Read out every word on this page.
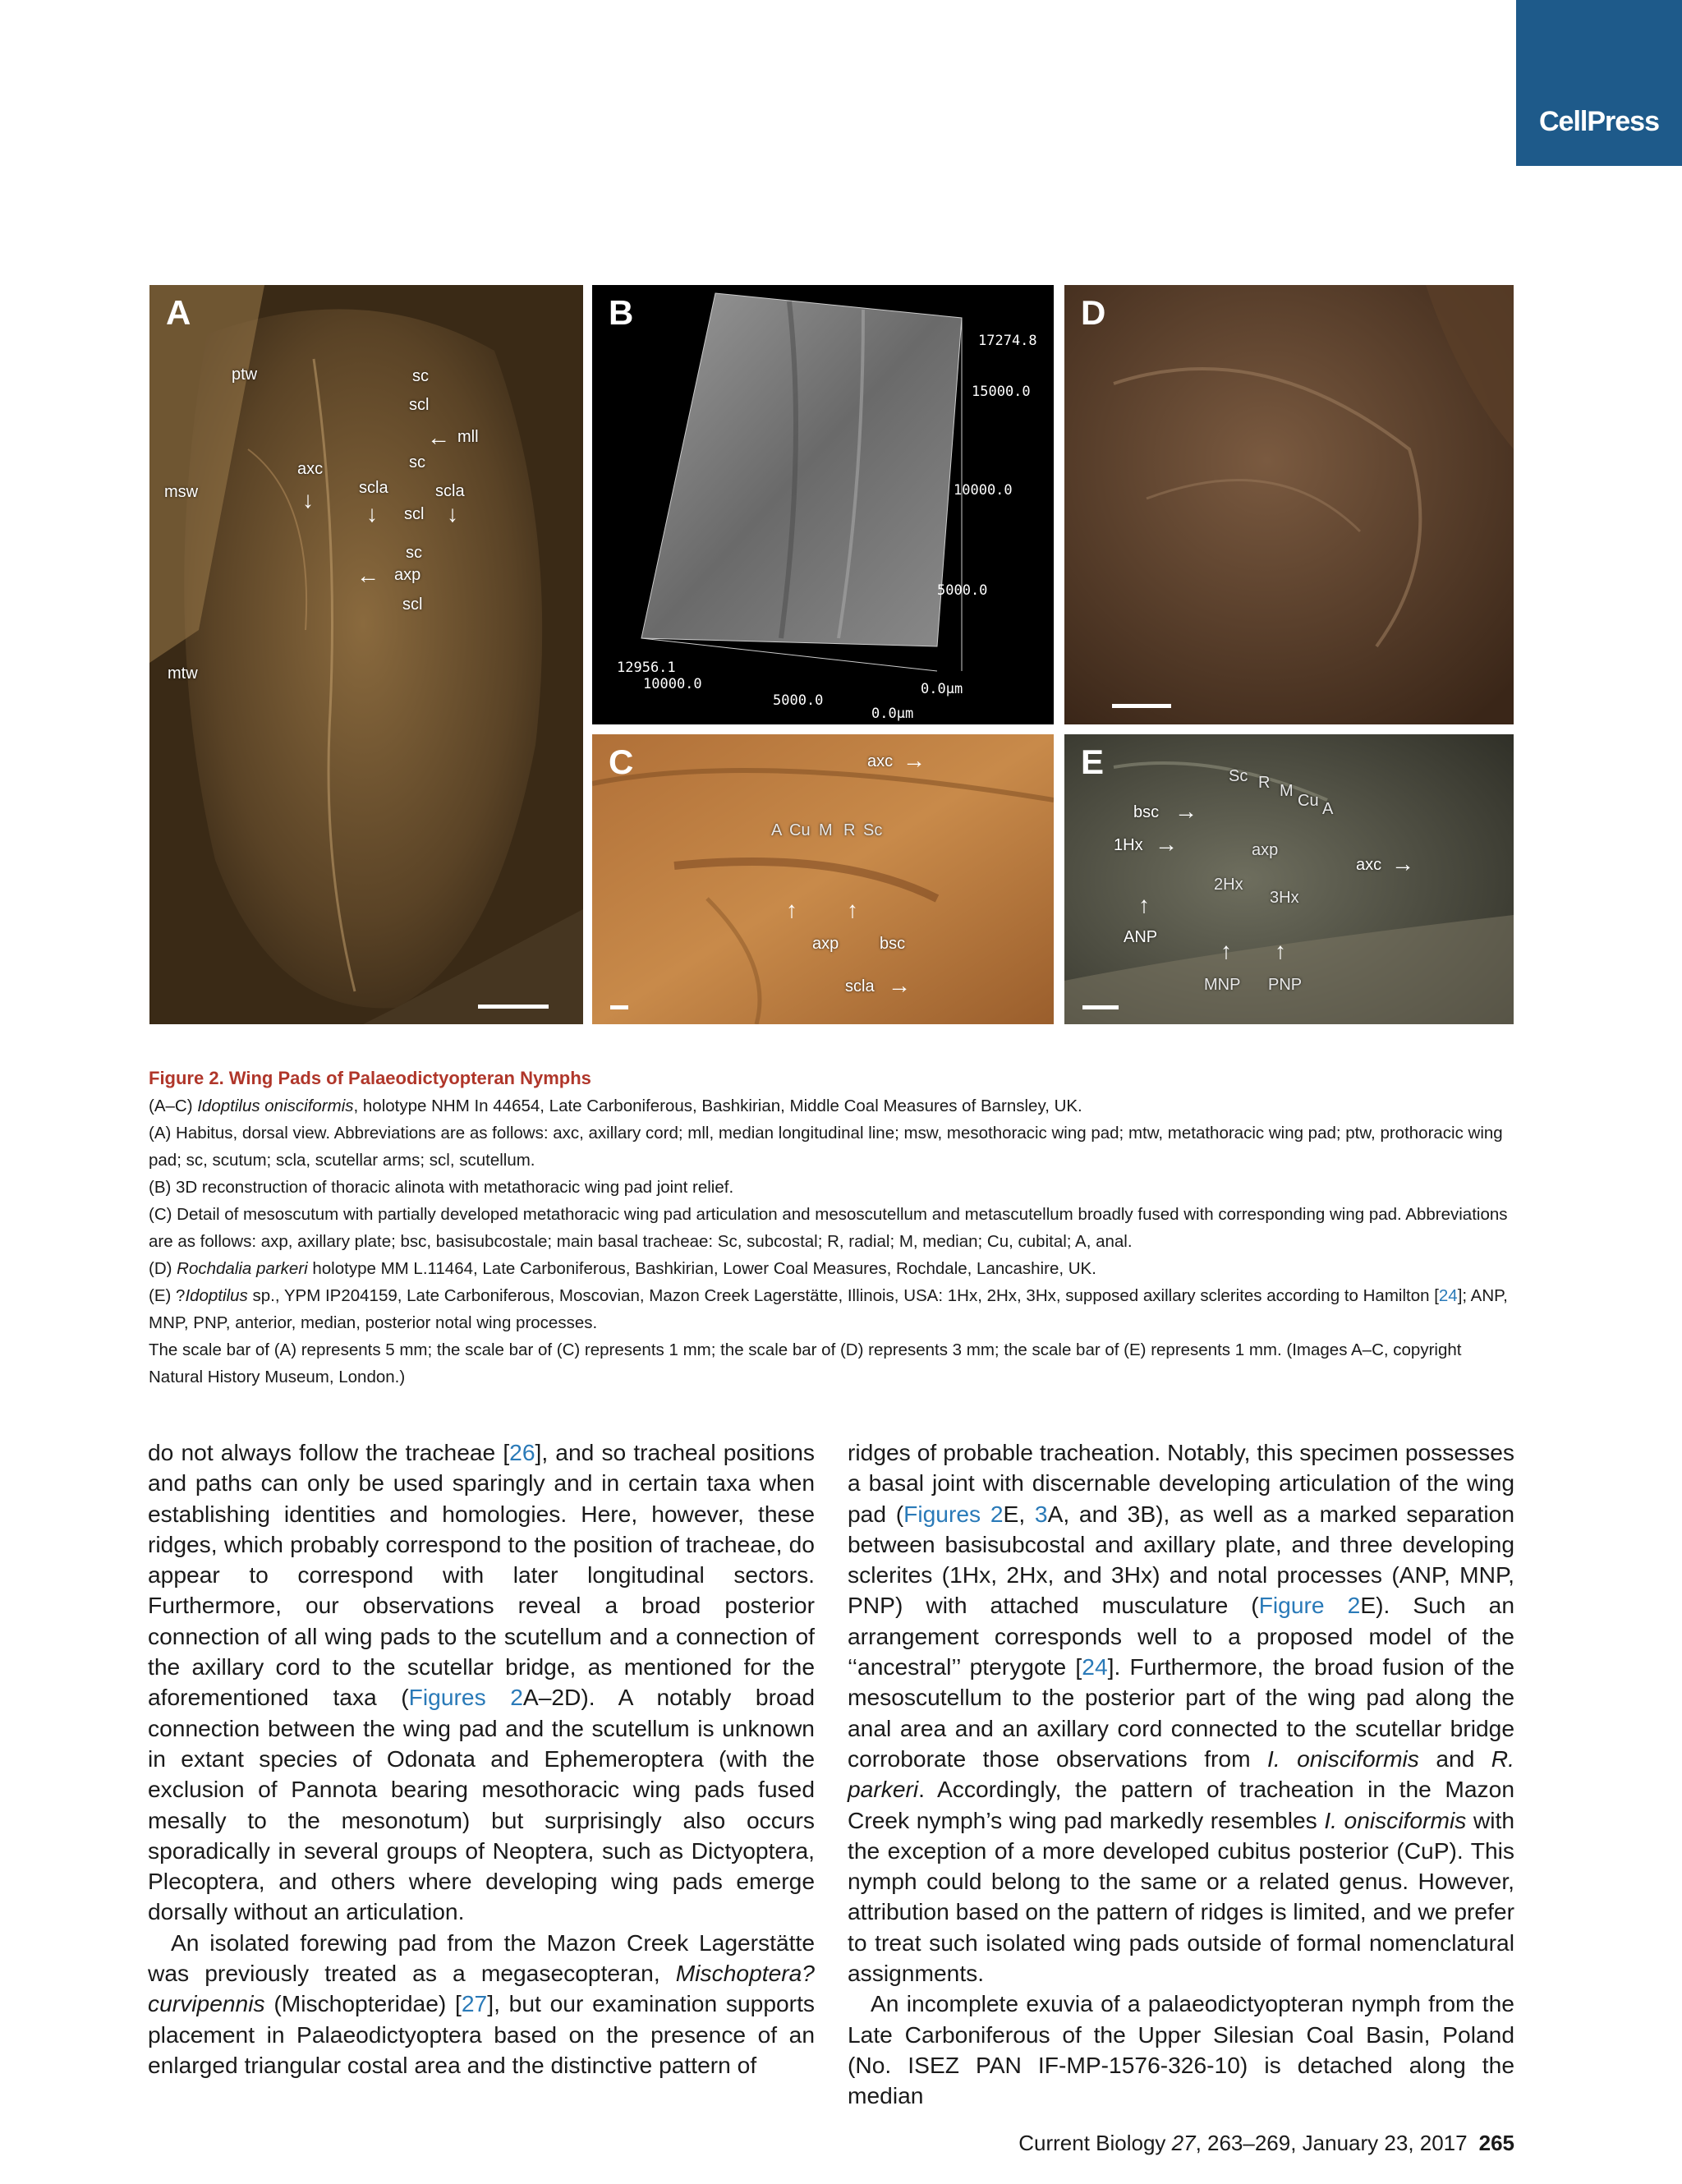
CellPress
A
ptw	sc
scl
← mll
sc
axc
scla	scla
↓
msw
↓	↓
scl
sc
← axp
scl
mtw
B
17274.8
15000.0
10000.0
5000.0
0.0µm
12956.1
10000.0
5000.0
0.0µm
D
C	axc →
A Cu M R Sc
↑ ↑
axp bsc
scla →
E	Sc R M
Cu A
bsc →
1Hx →	axp
axc →
2Hx
3Hx
↑
ANP
↑ ↑
MNP PNP

Figure 2. Wing Pads of Palaeodictyopteran Nymphs

(A–C) Idoptilus onisciformis, holotype NHM In 44654, Late Carboniferous, Bashkirian, Middle Coal Measures of Barnsley, UK.

(A) Habitus, dorsal view. Abbreviations are as follows: axc, axillary cord; mll, median longitudinal line; msw, mesothoracic wing pad; mtw, metathoracic wing pad; ptw, prothoracic wing pad; sc, scutum; scla, scutellar arms; scl, scutellum.

(B) 3D reconstruction of thoracic alinota with metathoracic wing pad joint relief.

(C) Detail of mesoscutum with partially developed metathoracic wing pad articulation and mesoscutellum and metascutellum broadly fused with corresponding wing pad. Abbreviations are as follows: axp, axillary plate; bsc, basisubcostale; main basal tracheae: Sc, subcostal; R, radial; M, median; Cu, cubital; A, anal.

(D) Rochdalia parkeri holotype MM L.11464, Late Carboniferous, Bashkirian, Lower Coal Measures, Rochdale, Lancashire, UK.

(E) ?Idoptilus sp., YPM IP204159, Late Carboniferous, Moscovian, Mazon Creek Lagerstätte, Illinois, USA: 1Hx, 2Hx, 3Hx, supposed axillary sclerites according to Hamilton [24]; ANP, MNP, PNP, anterior, median, posterior notal wing processes.

The scale bar of (A) represents 5 mm; the scale bar of (C) represents 1 mm; the scale bar of (D) represents 3 mm; the scale bar of (E) represents 1 mm. (Images A–C, copyright Natural History Museum, London.)

do not always follow the tracheae [26], and so tracheal positions and paths can only be used sparingly and in certain taxa when establishing identities and homologies. Here, however, these ridges, which probably correspond to the position of tracheae, do appear to correspond with later longitudinal sectors. Furthermore, our observations reveal a broad posterior connection of all wing pads to the scutellum and a connection of the axillary cord to the scutellar bridge, as mentioned for the aforementioned taxa (Figures 2A–2D). A notably broad connection between the wing pad and the scutellum is unknown in extant species of Odonata and Ephemeroptera (with the exclusion of Pannota bearing mesothoracic wing pads fused mesally to the mesonotum) but surprisingly also occurs sporadically in several groups of Neoptera, such as Dictyoptera, Plecoptera, and others where developing wing pads emerge dorsally without an articulation.

An isolated forewing pad from the Mazon Creek Lagerstätte was previously treated as a megasecopteran, Mischoptera? curvipennis (Mischopteridae) [27], but our examination supports placement in Palaeodictyoptera based on the presence of an enlarged triangular costal area and the distinctive pattern of

ridges of probable tracheation. Notably, this specimen possesses a basal joint with discernable developing articulation of the wing pad (Figures 2E, 3A, and 3B), as well as a marked separation between basisubcostal and axillary plate, and three developing sclerites (1Hx, 2Hx, and 3Hx) and notal processes (ANP, MNP, PNP) with attached musculature (Figure 2E). Such an arrangement corresponds well to a proposed model of the ‘‘ancestral’’ pterygote [24]. Furthermore, the broad fusion of the mesoscutellum to the posterior part of the wing pad along the anal area and an axillary cord connected to the scutellar bridge corroborate those observations from I. onisciformis and R. parkeri. Accordingly, the pattern of tracheation in the Mazon Creek nymph’s wing pad markedly resembles I. onisciformis with the exception of a more developed cubitus posterior (CuP). This nymph could belong to the same or a related genus. However, attribution based on the pattern of ridges is limited, and we prefer to treat such isolated wing pads outside of formal nomenclatural assignments.

An incomplete exuvia of a palaeodictyopteran nymph from the Late Carboniferous of the Upper Silesian Coal Basin, Poland (No. ISEZ PAN IF-MP-1576-326-10) is detached along the median

Current Biology 27, 263–269, January 23, 2017 265
